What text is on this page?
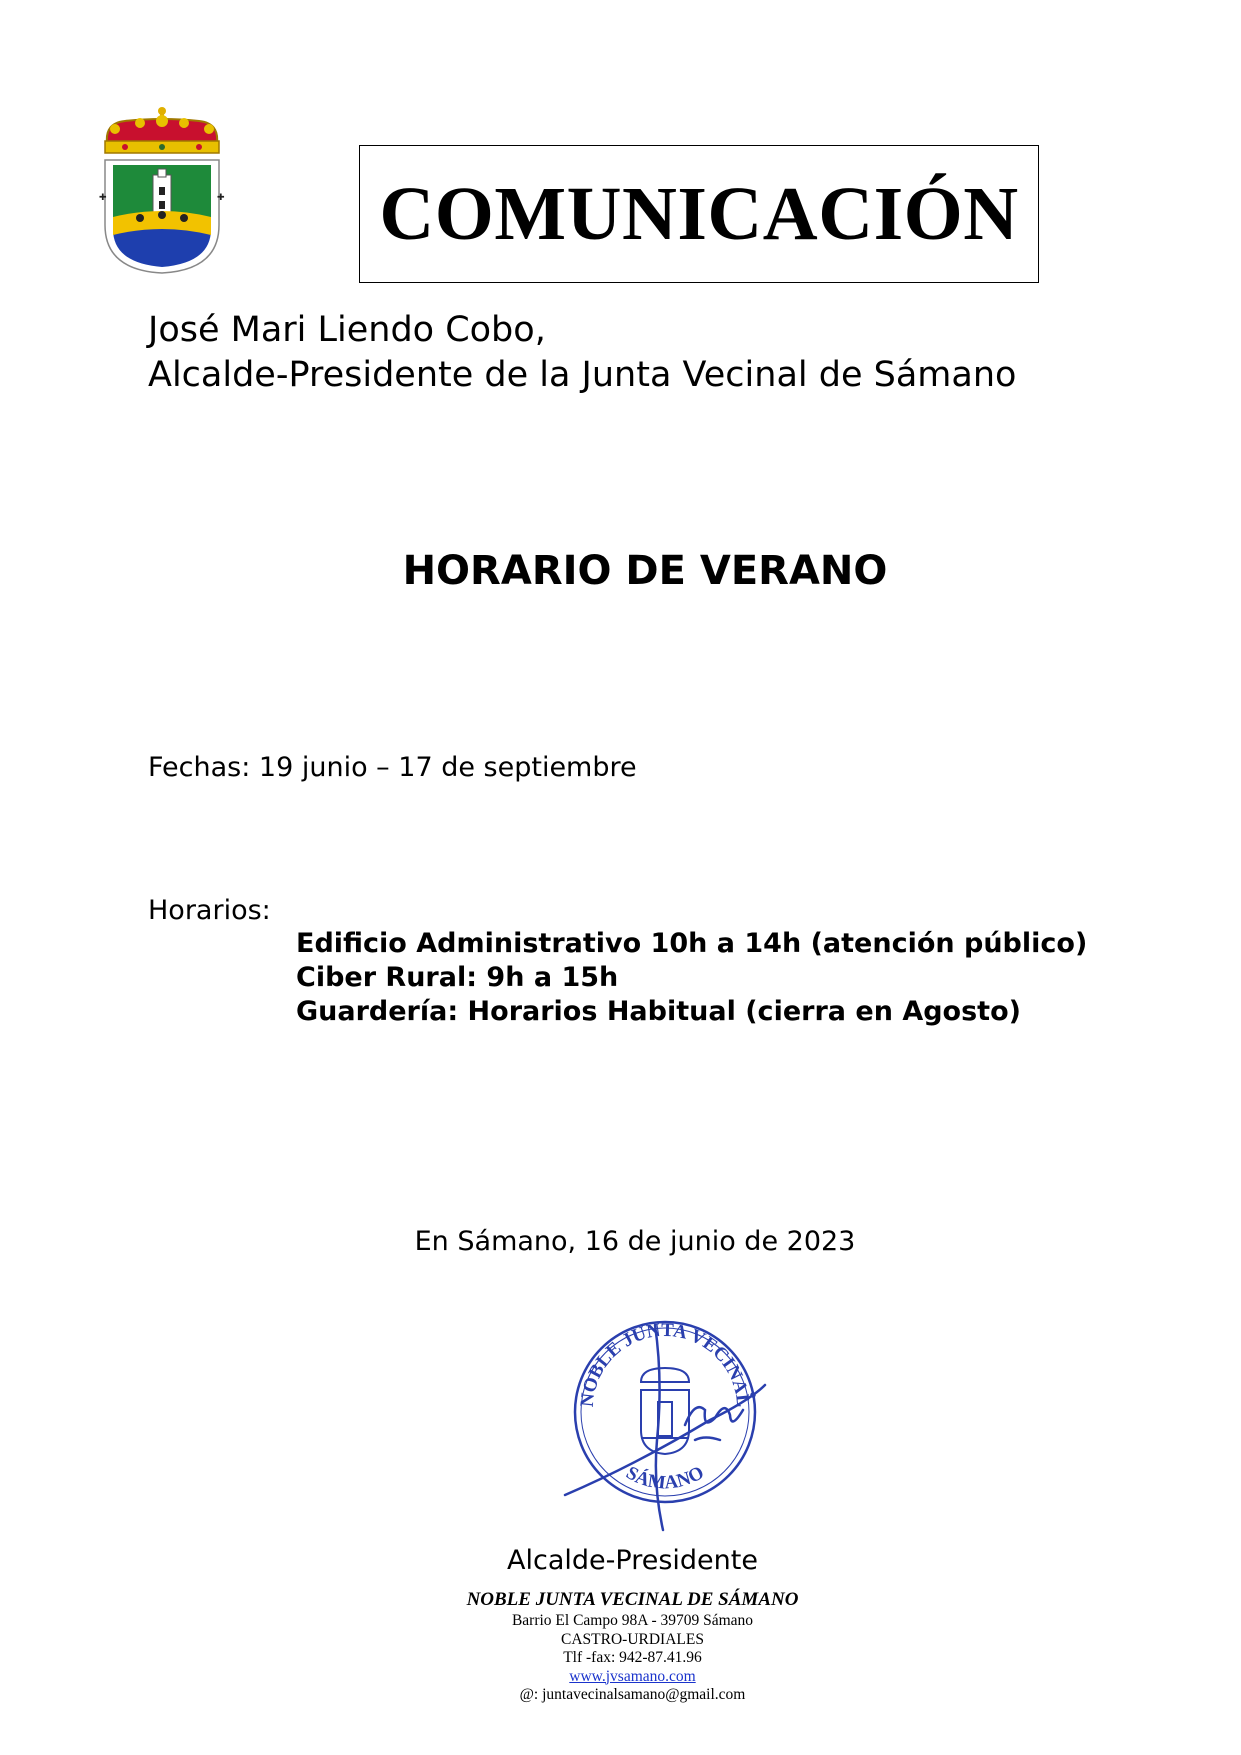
✚	✚ COMUNICACIÓN
José Mari Liendo Cobo,
Alcalde-Presidente de la Junta Vecinal de Sámano
HORARIO DE VERANO
Fechas: 19 junio – 17 de septiembre
Horarios:
Edificio Administrativo 10h a 14h (atención público)
Ciber Rural: 9h a 15h
Guardería: Horarios Habitual (cierra en Agosto)
En Sámano, 16 de junio de 2023
NOBLE JUNTA VECINAL
SÁMANO
Alcalde-Presidente
NOBLE JUNTA VECINAL DE SÁMANO
Barrio El Campo 98A - 39709 Sámano
CASTRO-URDIALES
Tlf -fax: 942-87.41.96
www.jvsamano.com
@: juntavecinalsamano@gmail.com
